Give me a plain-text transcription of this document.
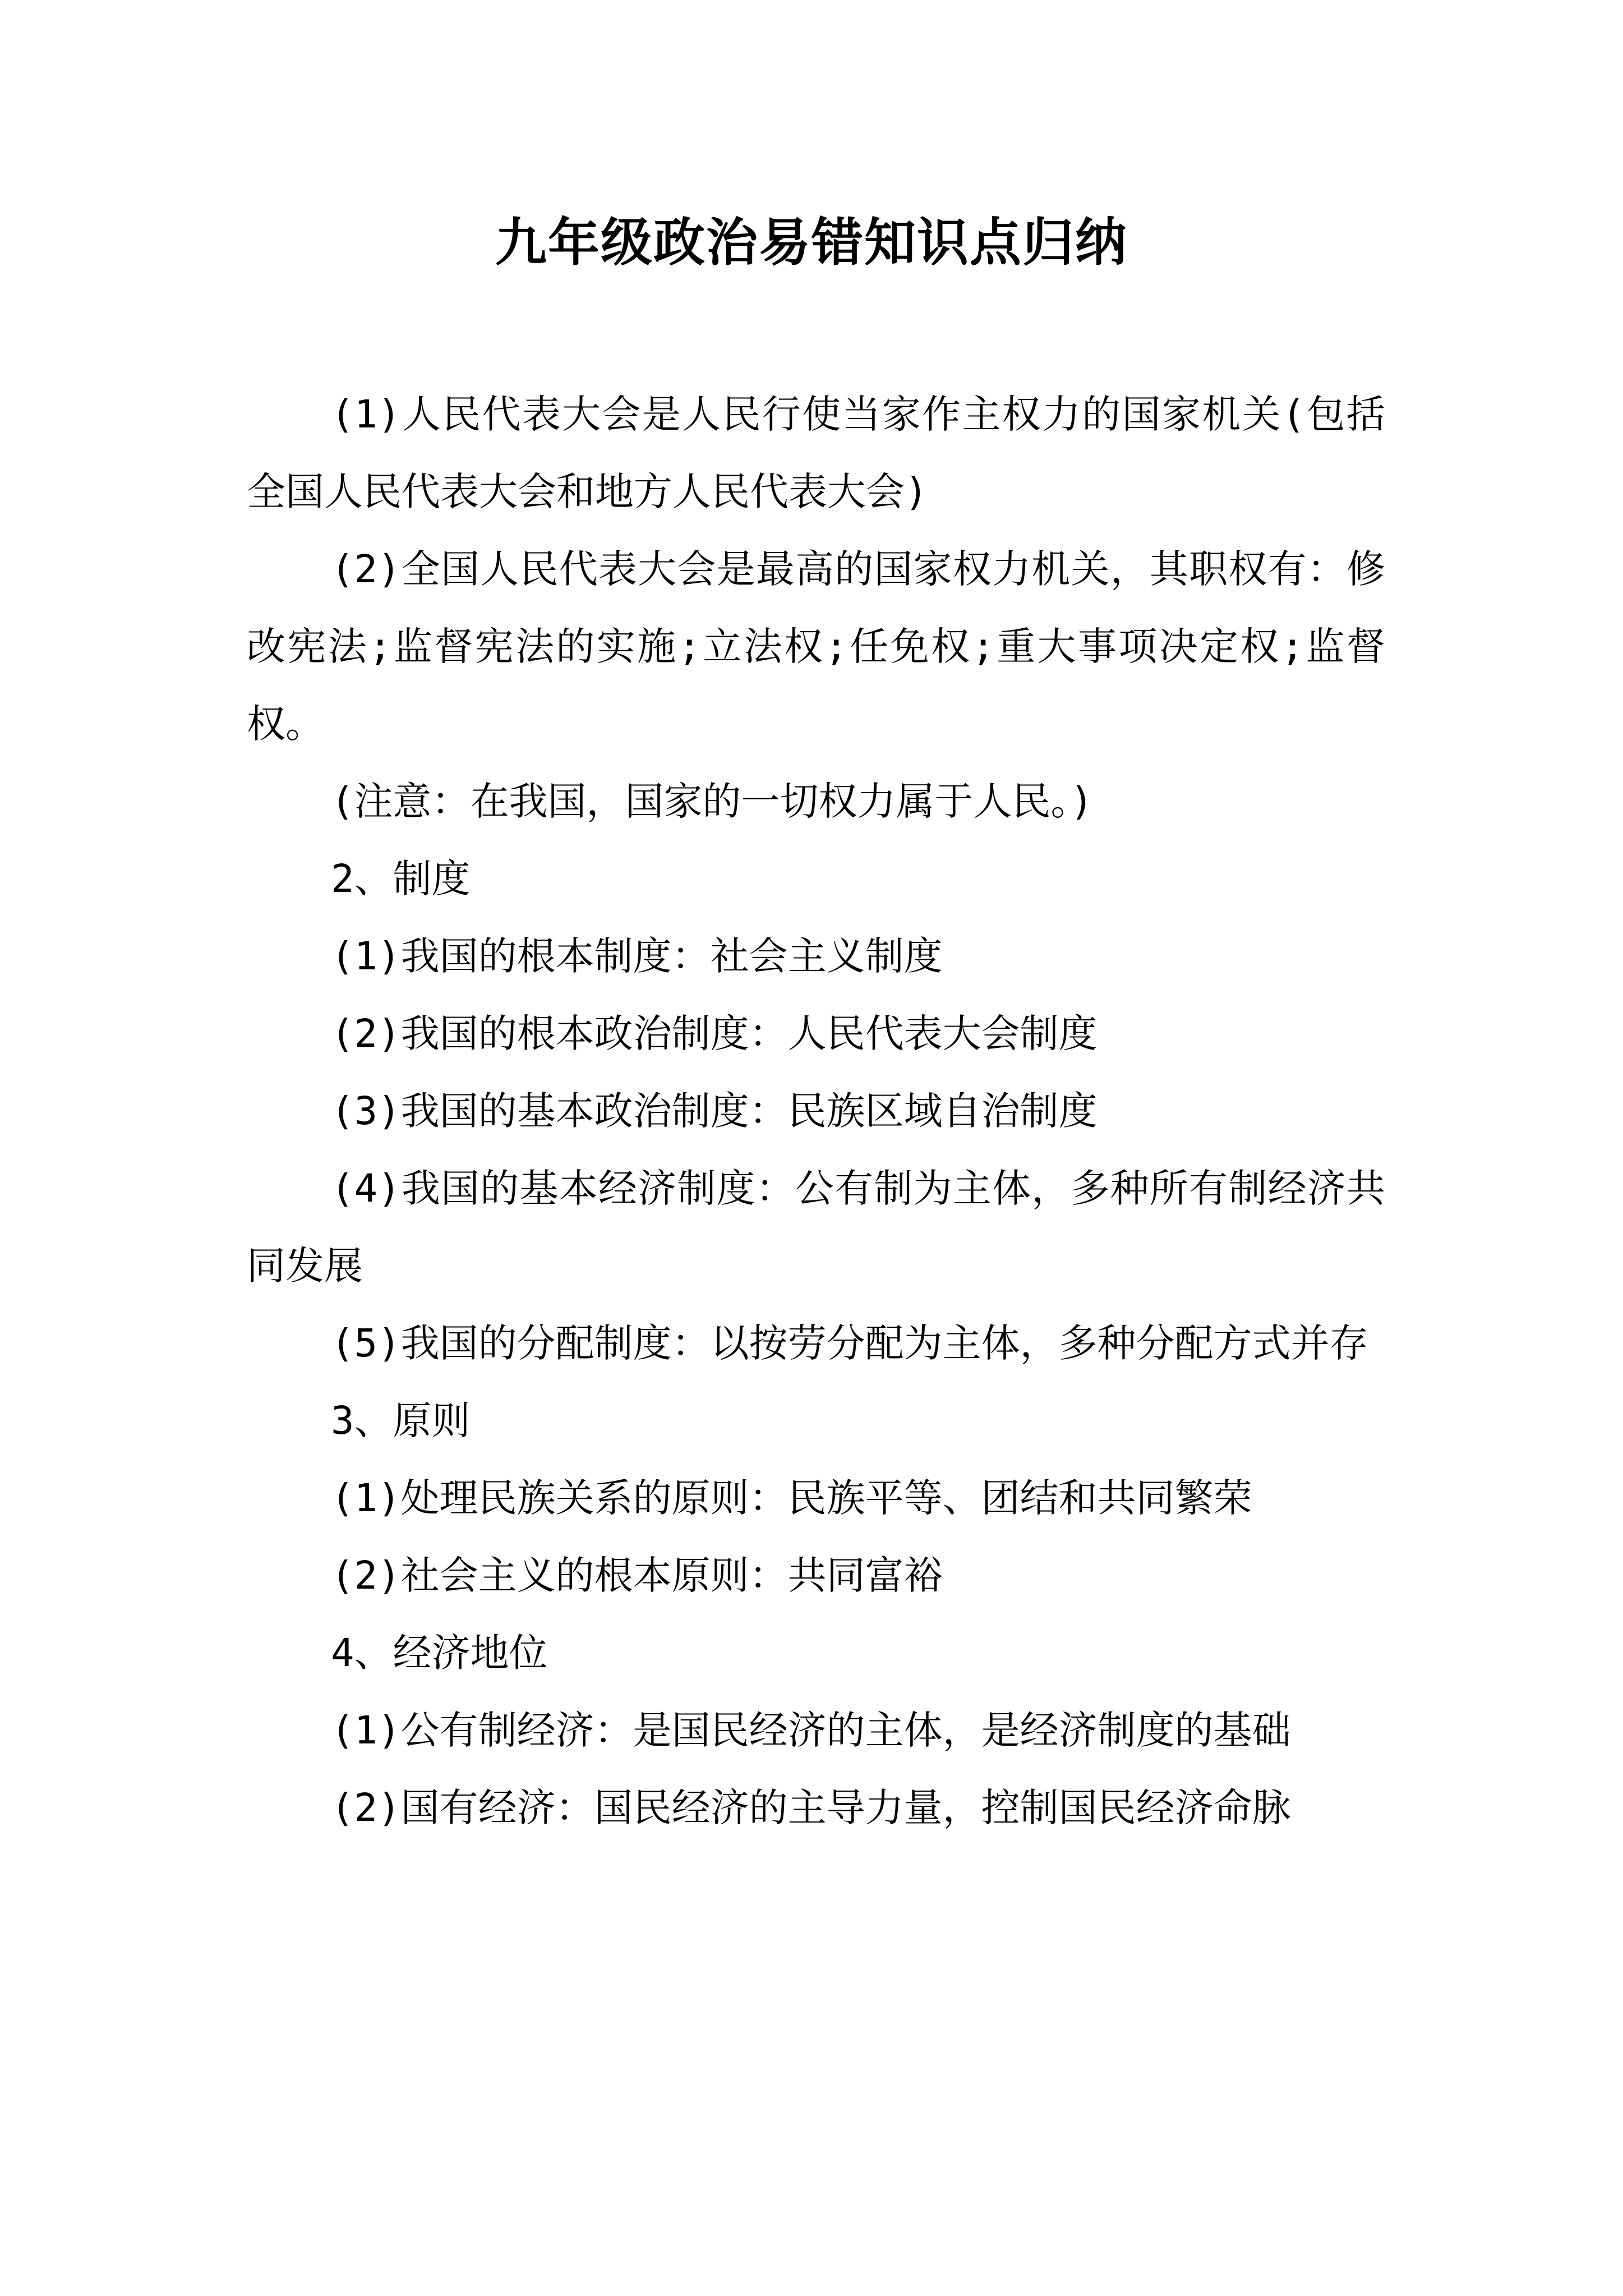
九年级政治易错知识点归纳

(1)人民代表大会是人民行使当家作主权力的国家机关(包括全国人民代表大会和地方人民代表大会)

(2)全国人民代表大会是最高的国家权力机关，其职权有：修改宪法;监督宪法的实施;立法权;任免权;重大事项决定权;监督权。

(注意：在我国，国家的一切权力属于人民。)

2、制度

(1)我国的根本制度：社会主义制度

(2)我国的根本政治制度：人民代表大会制度

(3)我国的基本政治制度：民族区域自治制度

(4)我国的基本经济制度：公有制为主体，多种所有制经济共同发展

(5)我国的分配制度：以按劳分配为主体，多种分配方式并存

3、原则

(1)处理民族关系的原则：民族平等、团结和共同繁荣

(2)社会主义的根本原则：共同富裕

4、经济地位

(1)公有制经济：是国民经济的主体，是经济制度的基础

(2)国有经济：国民经济的主导力量，控制国民经济命脉
